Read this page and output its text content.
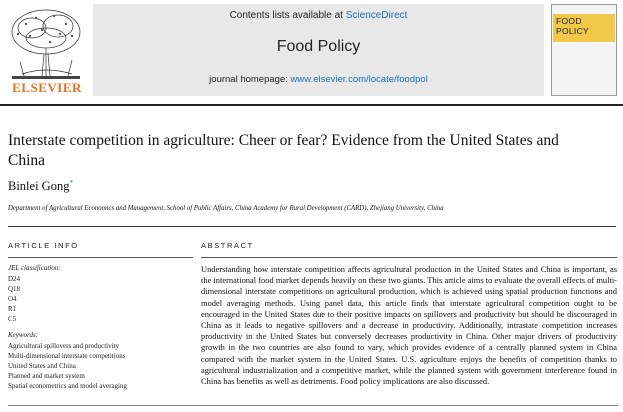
ELSEVIER
Contents lists available at ScienceDirect
Food Policy
journal homepage: www.elsevier.com/locate/foodpol
FOOD
POLICY
Interstate competition in agriculture: Cheer or fear? Evidence from the United States and China
Binlei Gong*
Department of Agricultural Economics and Management, School of Public Affairs, China Academy for Rural Development (CARD), Zhejiang University, China
ARTICLE INFO
JEL classification:
D24
Q18
O4
R1
C5
Keywords:
Agricultural spillovers and productivity
Multi-dimensional interstate competitions
United States and China
Planned and market system
Spatial econometrics and model averaging
ABSTRACT
Understanding how interstate competition affects agricultural production in the United States and China is important, as the international food market depends heavily on these two giants. This article aims to evaluate the overall effects of multi-dimensional interstate competitions on agricultural production, which is achieved using spatial production functions and model averaging methods. Using panel data, this article finds that interstate agricultural competition ought to be encouraged in the United States due to their positive impacts on spillovers and productivity but should be discouraged in China as it leads to negative spillovers and a decrease in productivity. Additionally, intrastate competition increases productivity in the United States but conversely decreases productivity in China. Other major drivers of productivity growth in the two countries are also found to vary, which provides evidence of a centrally planned system in China compared with the market system in the United States. U.S. agriculture enjoys the benefits of competition thanks to agricultural industrialization and a competitive market, while the planned system with government interference found in China has benefits as well as detriments. Food policy implications are also discussed.
